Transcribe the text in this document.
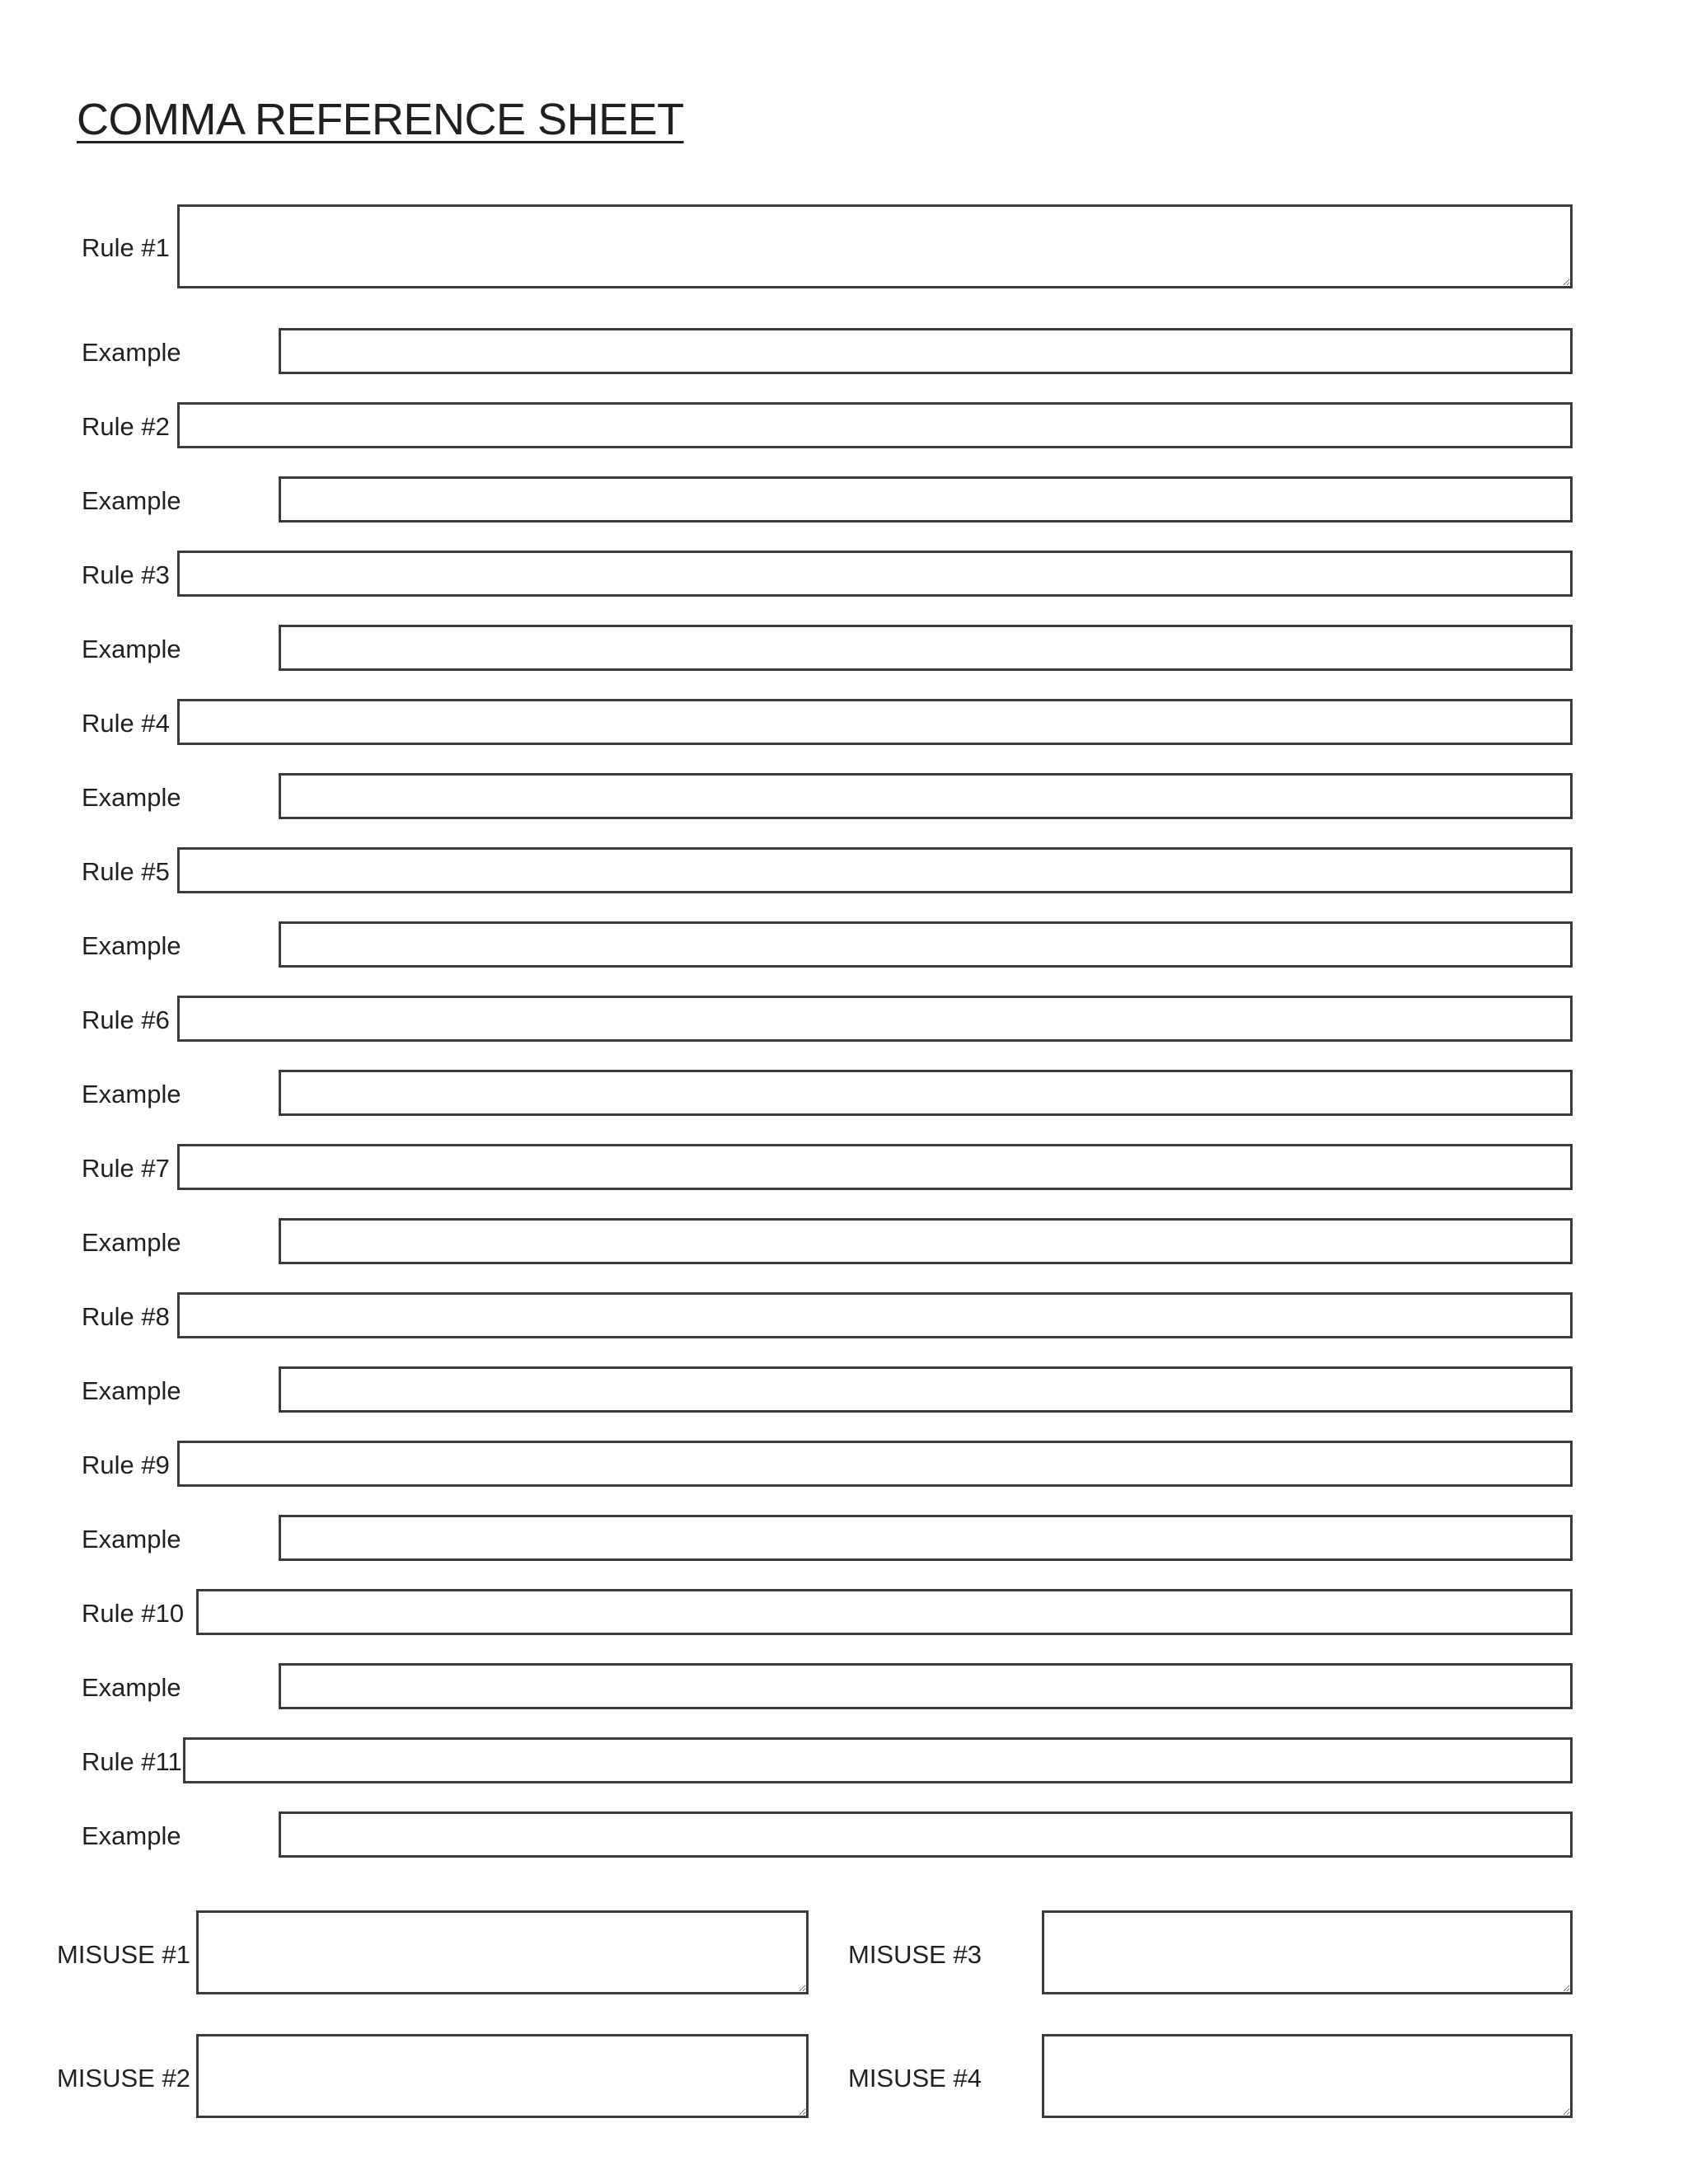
COMMA REFERENCE SHEET
Rule #1
Example
Rule #2
Example
Rule #3
Example
Rule #4
Example
Rule #5
Example
Rule #6
Example
Rule #7
Example
Rule #8
Example
Rule #9
Example
Rule #10
Example
Rule #11
Example
MISUSE #1
MISUSE #2
MISUSE #3
MISUSE #4
